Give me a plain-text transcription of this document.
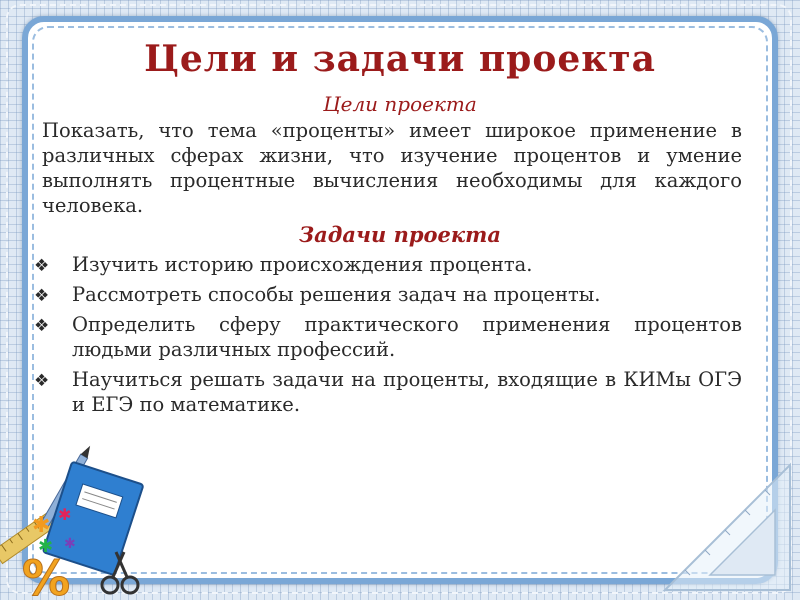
Цели и задачи проекта
Цели проекта
Показать, что тема «проценты» имеет широкое применение в различных сферах жизни, что изучение процентов и умение выполнять процентные вычисления необходимы для каждого человека.
Задачи проекта
❖ Изучить историю происхождения процента.
❖ Рассмотреть способы решения задач на проценты.
❖ Определить сферу практического применения процентов людьми различных профессий.
❖ Научиться решать задачи на проценты, входящие в КИМы ОГЭ и ЕГЭ по математике.
✱ ✱
✱ ✱
%
